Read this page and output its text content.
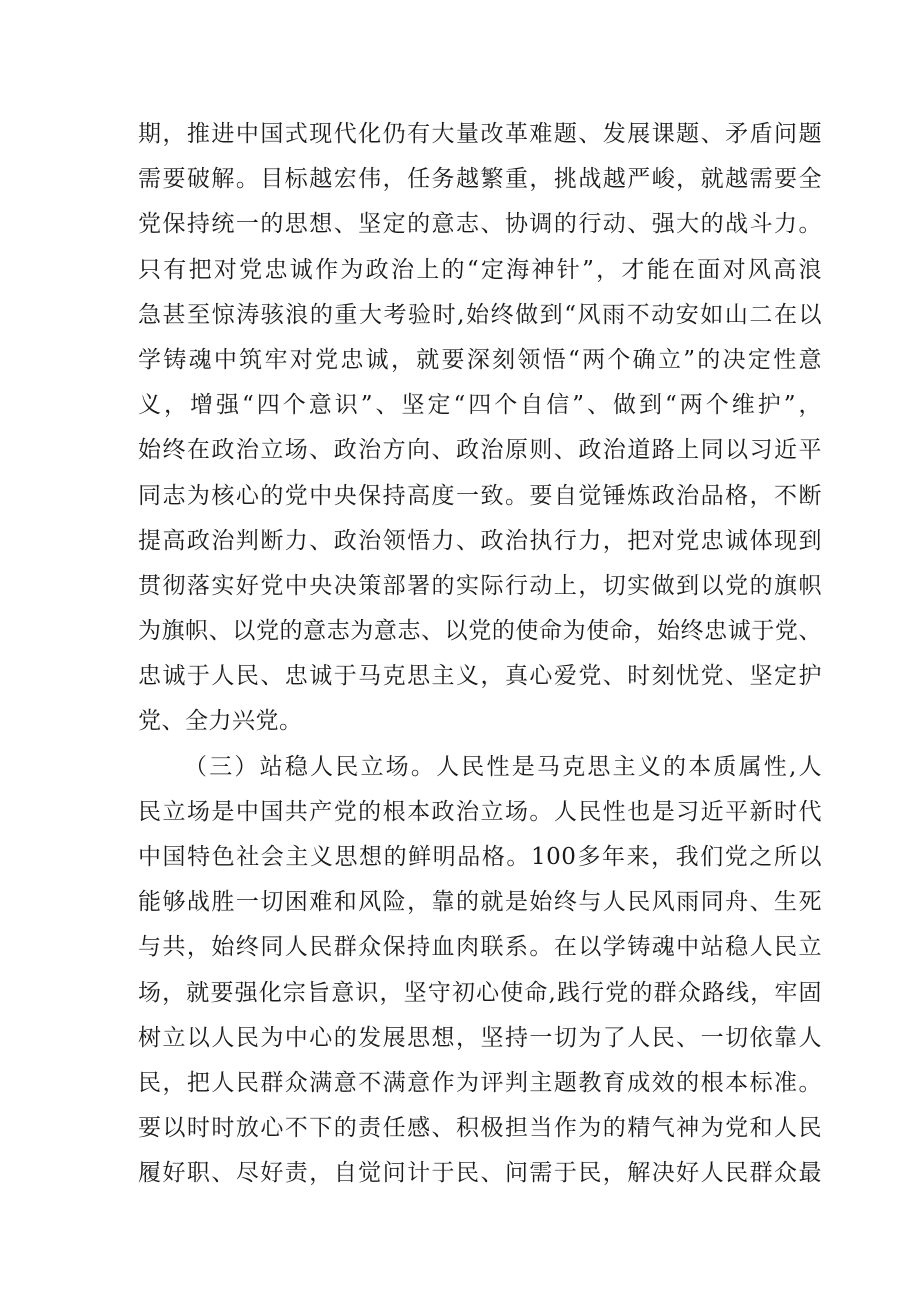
期，推进中国式现代化仍有大量改革难题、发展课题、矛盾问题
需要破解。目标越宏伟，任务越繁重，挑战越严峻，就越需要全
党保持统一的思想、坚定的意志、协调的行动、强大的战斗力。
只有把对党忠诚作为政治上的“定海神针”，才能在面对风高浪
急甚至惊涛骇浪的重大考验时,始终做到“风雨不动安如山二在以
学铸魂中筑牢对党忠诚，就要深刻领悟“两个确立”的决定性意
义，增强“四个意识”、坚定“四个自信”、做到“两个维护”，
始终在政治立场、政治方向、政治原则、政治道路上同以习近平
同志为核心的党中央保持高度一致。要自觉锤炼政治品格，不断
提高政治判断力、政治领悟力、政治执行力，把对党忠诚体现到
贯彻落实好党中央决策部署的实际行动上，切实做到以党的旗帜
为旗帜、以党的意志为意志、以党的使命为使命，始终忠诚于党、
忠诚于人民、忠诚于马克思主义，真心爱党、时刻忧党、坚定护
党、全力兴党。
（三）站稳人民立场。人民性是马克思主义的本质属性,人
民立场是中国共产党的根本政治立场。人民性也是习近平新时代
中国特色社会主义思想的鲜明品格。100多年来，我们党之所以
能够战胜一切困难和风险，靠的就是始终与人民风雨同舟、生死
与共，始终同人民群众保持血肉联系。在以学铸魂中站稳人民立
场，就要强化宗旨意识，坚守初心使命,践行党的群众路线，牢固
树立以人民为中心的发展思想，坚持一切为了人民、一切依靠人
民，把人民群众满意不满意作为评判主题教育成效的根本标准。
要以时时放心不下的责任感、积极担当作为的精气神为党和人民
履好职、尽好责，自觉问计于民、问需于民，解决好人民群众最
